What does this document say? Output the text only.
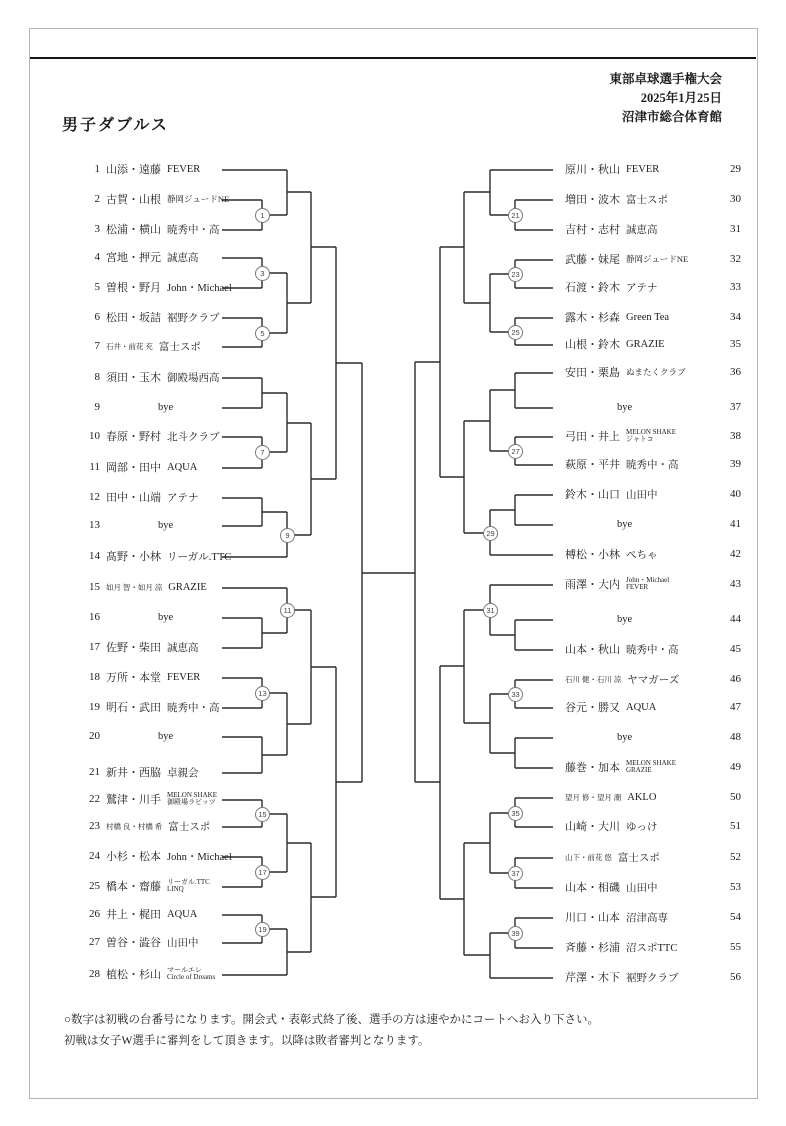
東部卓球選手権大会
2025年1月25日
沼津市総合体育館
男子ダブルス
1 山添・遠藤 FEVER
2 古賀・山根 静岡ジュードNE
3 松浦・横山 暁秀中・高
4 宮地・押元 誠恵高
5 曽根・野月 John・Michael
6 松田・坂詰 裾野クラブ
7 石井・前花 充 富士スポ
8 須田・玉木 御殿場西高
9	bye
10 春原・野村 北斗クラブ
11 岡部・田中 AQUA
12 田中・山端 アテナ
13	bye
14 髙野・小林 リーガル.TTC
15 如月 智・如月 涼 GRAZIE
16	bye
17 佐野・柴田 誠恵高
18 万所・本堂 FEVER
19 明石・武田 暁秀中・高
20	bye
21 新井・西脇 卓親会
22 鷲津・川手 MELON SHAKE
御殿場ラビッツ
23 村橋 良・村橋 希 富士スポ
24 小杉・松本 John・Michael
25 橋本・齋藤 リーガル.TTC
LINQ
26 井上・梶田 AQUA
27 曽谷・澁谷 山田中
28 植松・杉山 マールエレ
Circle of Dreams
原川・秋山 FEVER	29
増田・波木 富士スポ	30
吉村・志村 誠恵高	31
武藤・妹尾 静岡ジュードNE	32
石渡・鈴木 アテナ	33
露木・杉森 Green Tea	34
山根・鈴木 GRAZIE	35
安田・栗島 ぬまたくクラブ	36
bye	37
弓田・井上 MELON SHAKE
ジャトコ	38
萩原・平井 暁秀中・高	39
鈴木・山口 山田中	40
bye	41
榑松・小林 ぺちゃ	42
雨澤・大内 John・Michael
FEVER	43
bye	44
山本・秋山 暁秀中・高	45
石川 健・石川 涼 ヤマガーズ	46
谷元・勝又 AQUA	47
bye	48
藤巻・加本 MELON SHAKE
GRAZIE	49
望月 修・望月 潮 AKLO	50
山崎・大川 ゆっけ	51
山下・前花 悠 富士スポ	52
山本・相磯 山田中	53
川口・山本 沼津高専	54
斉藤・杉浦 沼スポTTC	55
芹澤・木下 裾野クラブ	56
1
3
5
7
9
11
13
15
17
19
21
23
25
27
29
31
33
35
37
39
○数字は初戦の台番号になります。開会式・表彰式終了後、選手の方は速やかにコートへお入り下さい。
初戦は女子W選手に審判をして頂きます。以降は敗者審判となります。
